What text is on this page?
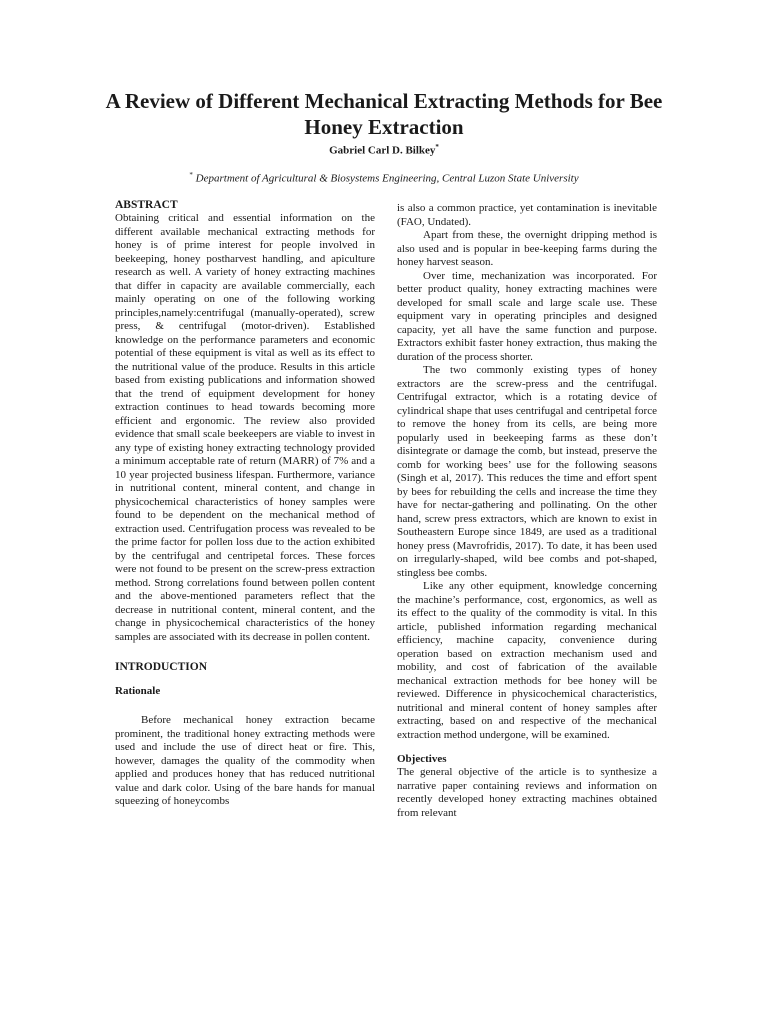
A Review of Different Mechanical Extracting Methods for Bee Honey Extraction
Gabriel Carl D. Bilkey*
* Department of Agricultural & Biosystems Engineering, Central Luzon State University
ABSTRACT

Obtaining critical and essential information on the different available mechanical extracting methods for honey is of prime interest for people involved in beekeeping, honey postharvest handling, and apiculture research as well. A variety of honey extracting machines that differ in capacity are available commercially, each mainly operating on one of the following working principles,namely:centrifugal (manually-operated), screw press, & centrifugal (motor-driven). Established knowledge on the performance parameters and economic potential of these equipment is vital as well as its effect to the nutritional value of the produce. Results in this article based from existing publications and information showed that the trend of equipment development for honey extraction continues to head towards becoming more efficient and ergonomic. The review also provided evidence that small scale beekeepers are viable to invest in any type of existing honey extracting technology provided a minimum acceptable rate of return (MARR) of 7% and a 10 year projected business lifespan. Furthermore, variance in nutritional content, mineral content, and change in physicochemical characteristics of honey samples were found to be dependent on the mechanical method of extraction used. Centrifugation process was revealed to be the prime factor for pollen loss due to the action exhibited by the centrifugal and centripetal forces. These forces were not found to be present on the screw-press extraction method. Strong correlations found between pollen content and the above-mentioned parameters reflect that the decrease in nutritional content, mineral content, and the change in physicochemical characteristics of the honey samples are associated with its decrease in pollen content.

INTRODUCTION
Rationale

Before mechanical honey extraction became prominent, the traditional honey extracting methods were used and include the use of direct heat or fire. This, however, damages the quality of the commodity when applied and produces honey that has reduced nutritional value and dark color. Using of the bare hands for manual squeezing of honeycombs

is also a common practice, yet contamination is inevitable (FAO, Undated).

Apart from these, the overnight dripping method is also used and is popular in bee-keeping farms during the honey harvest season.

Over time, mechanization was incorporated. For better product quality, honey extracting machines were developed for small scale and large scale use. These equipment vary in operating principles and designed capacity, yet all have the same function and purpose. Extractors exhibit faster honey extraction, thus making the duration of the process shorter.

The two commonly existing types of honey extractors are the screw-press and the centrifugal. Centrifugal extractor, which is a rotating device of cylindrical shape that uses centrifugal and centripetal force to remove the honey from its cells, are being more popularly used in beekeeping farms as these don’t disintegrate or damage the comb, but instead, preserve the comb for working bees’ use for the following seasons (Singh et al, 2017). This reduces the time and effort spent by bees for rebuilding the cells and increase the time they have for nectar-gathering and pollinating. On the other hand, screw press extractors, which are known to exist in Southeastern Europe since 1849, are used as a traditional honey press (Mavrofridis, 2017). To date, it has been used on irregularly-shaped, wild bee combs and pot-shaped, stingless bee combs.

Like any other equipment, knowledge concerning the machine’s performance, cost, ergonomics, as well as its effect to the quality of the commodity is vital. In this article, published information regarding mechanical efficiency, machine capacity, convenience during operation based on extraction mechanism used and mobility, and cost of fabrication of the available mechanical extraction methods for bee honey will be reviewed. Difference in physicochemical characteristics, nutritional and mineral content of honey samples after extracting, based on and respective of the mechanical extraction method undergone, will be examined.

Objectives

The general objective of the article is to synthesize a narrative paper containing reviews and information on recently developed honey extracting machines obtained from relevant
